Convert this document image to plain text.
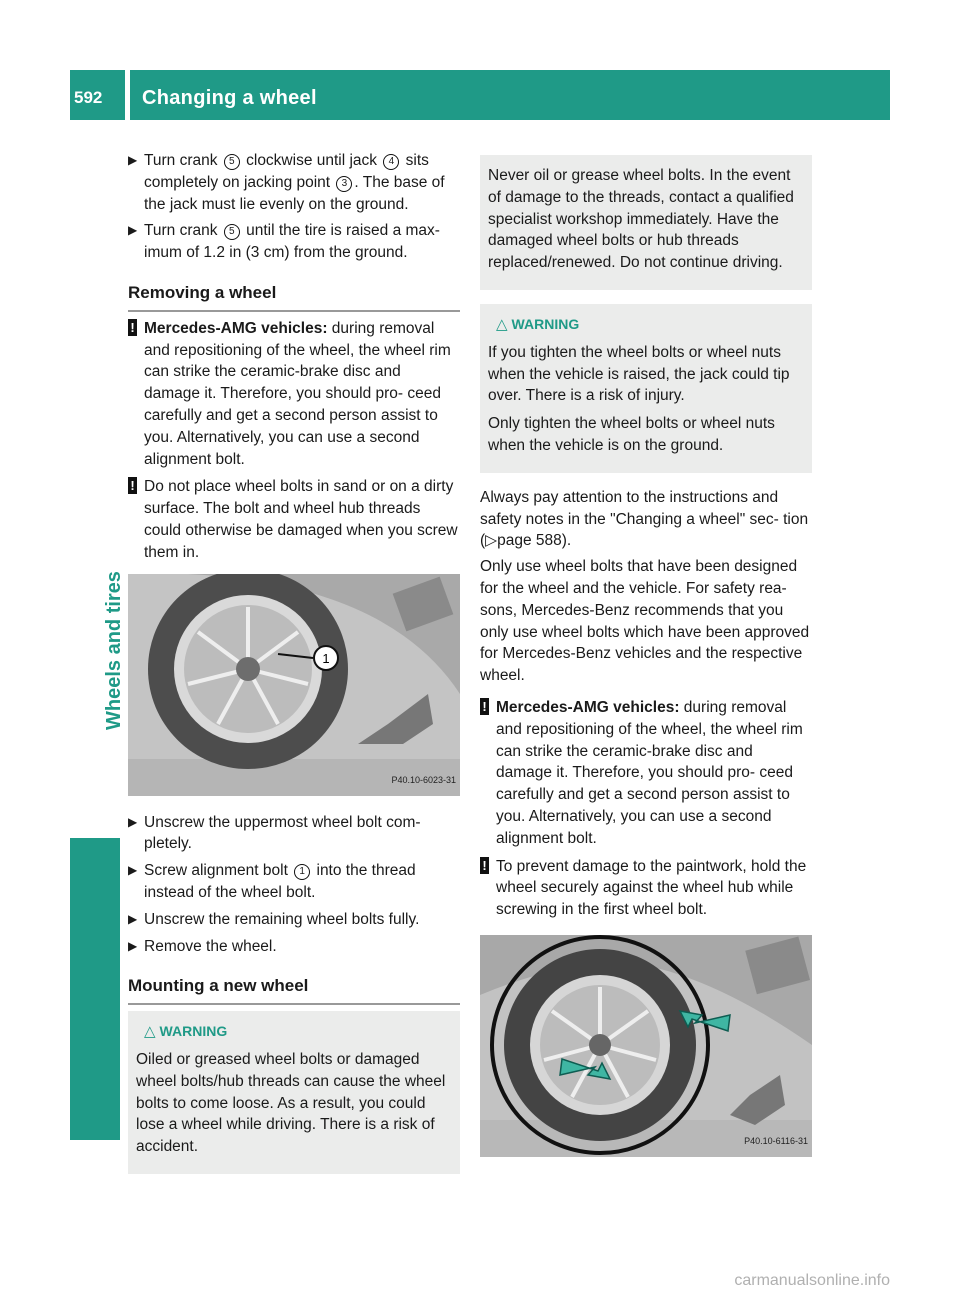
592 Changing a wheel
Wheels and tires
▶ Turn crank 5 clockwise until jack 4 sits completely on jacking point 3 . The base of the jack must lie evenly on the ground.
▶ Turn crank 5 until the tire is raised a max- imum of 1.2 in (3 cm) from the ground.
Removing a wheel
! Mercedes-AMG vehicles: during removal and repositioning of the wheel, the wheel rim can strike the ceramic-brake disc and damage it. Therefore, you should pro- ceed carefully and get a second person assist to you. Alternatively, you can use a second alignment bolt.
! Do not place wheel bolts in sand or on a dirty surface. The bolt and wheel hub threads could otherwise be damaged when you screw them in.
1
P40.10-6023-31
▶ Unscrew the uppermost wheel bolt com- pletely.
▶ Screw alignment bolt 1 into the thread instead of the wheel bolt.
▶ Unscrew the remaining wheel bolts fully.
▶ Remove the wheel.
Mounting a new wheel
△ WARNING

Oiled or greased wheel bolts or damaged wheel bolts/hub threads can cause the wheel bolts to come loose. As a result, you could lose a wheel while driving. There is a risk of accident.

Never oil or grease wheel bolts. In the event of damage to the threads, contact a qualified specialist workshop immediately. Have the damaged wheel bolts or hub threads replaced/renewed. Do not continue driving.

△ WARNING

If you tighten the wheel bolts or wheel nuts when the vehicle is raised, the jack could tip over. There is a risk of injury.

Only tighten the wheel bolts or wheel nuts when the vehicle is on the ground.

Always pay attention to the instructions and safety notes in the "Changing a wheel" sec- tion (▷page 588).

Only use wheel bolts that have been designed for the wheel and the vehicle. For safety rea- sons, Mercedes-Benz recommends that you only use wheel bolts which have been approved for Mercedes-Benz vehicles and the respective wheel.

! Mercedes-AMG vehicles: during removal and repositioning of the wheel, the wheel rim can strike the ceramic-brake disc and damage it. Therefore, you should pro- ceed carefully and get a second person assist to you. Alternatively, you can use a second alignment bolt.
! To prevent damage to the paintwork, hold the wheel securely against the wheel hub while screwing in the first wheel bolt.
P40.10-6116-31
carmanualsonline.info
